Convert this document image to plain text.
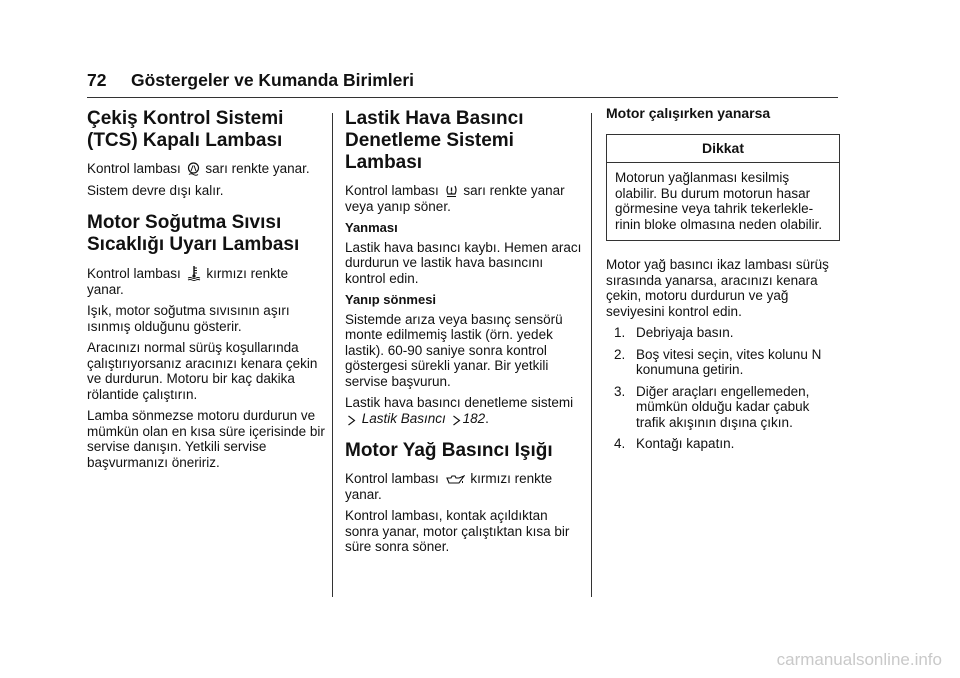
72 Göstergeler ve Kumanda Birimleri
Çekiş Kontrol Sistemi (TCS) Kapalı Lambası

Kontrol lambası sarı renkte yanar.

Sistem devre dışı kalır.

Motor Soğutma Sıvısı Sıcaklığı Uyarı Lambası

Kontrol lambası kırmızı renkte yanar.

Işık, motor soğutma sıvısının aşırı ısınmış olduğunu gösterir.

Aracınızı normal sürüş koşullarında çalıştırıyorsanız aracınızı kenara çekin ve durdurun. Motoru bir kaç dakika rölantide çalıştırın.

Lamba sönmezse motoru durdurun ve mümkün olan en kısa süre içerisinde bir servise danışın. Yetkili servise başvurmanızı öneririz.

Lastik Hava Basıncı Denetleme Sistemi Lambası

Kontrol lambası sarı renkte yanar veya yanıp söner.

Yanması

Lastik hava basıncı kaybı. Hemen aracı durdurun ve lastik hava basıncını kontrol edin.

Yanıp sönmesi

Sistemde arıza veya basınç sensörü monte edilmemiş lastik (örn. yedek lastik). 60-90 saniye sonra kontrol göstergesi sürekli yanar. Bir yetkili servise başvurun.

Lastik hava basıncı denetleme sistemi
Lastik Basıncı 182.

Motor Yağ Basıncı Işığı

Kontrol lambası kırmızı renkte yanar.

Kontrol lambası, kontak açıldıktan sonra yanar, motor çalıştıktan kısa bir süre sonra söner.

Motor çalışırken yanarsa
Dikkat
Motorun yağlanması kesilmiş olabilir. Bu durum motorun hasar görmesine veya tahrik tekerleklerinin bloke olmasına neden olabilir.

Motor yağ basıncı ikaz lambası sürüş sırasında yanarsa, aracınızı kenara çekin, motoru durdurun ve yağ seviyesini kontrol edin.

1. Debriyaja basın.
2. Boş vitesi seçin, vites kolunu N konumuna getirin.
3. Diğer araçları engellemeden, mümkün olduğu kadar çabuk trafik akışının dışına çıkın.
4. Kontağı kapatın.
carmanualsonline.info
